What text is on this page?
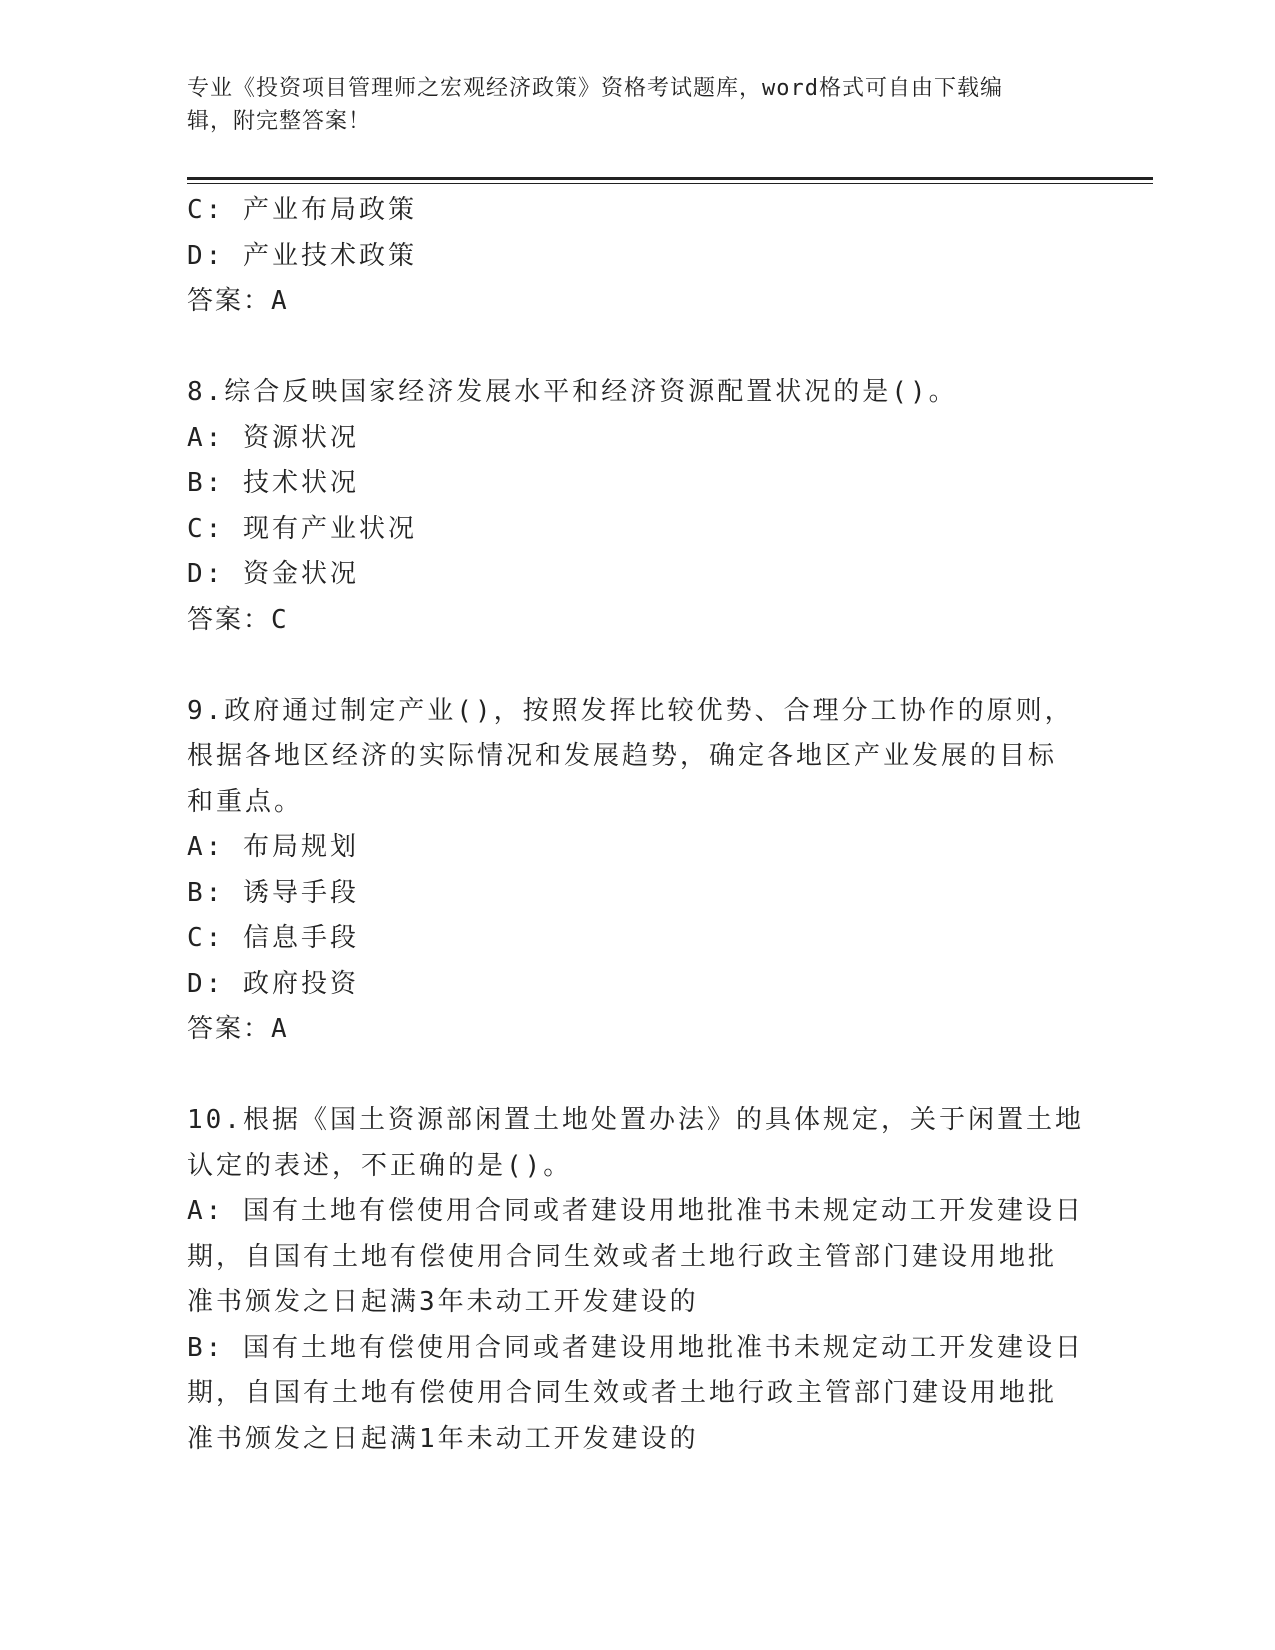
专业《投资项目管理师之宏观经济政策》资格考试题库，word格式可自由下载编
辑，附完整答案！
C: 产业布局政策
D: 产业技术政策
答案：A
8.综合反映国家经济发展水平和经济资源配置状况的是()。
A: 资源状况
B: 技术状况
C: 现有产业状况
D: 资金状况
答案：C
9.政府通过制定产业()，按照发挥比较优势、合理分工协作的原则，
根据各地区经济的实际情况和发展趋势，确定各地区产业发展的目标
和重点。
A: 布局规划
B: 诱导手段
C: 信息手段
D: 政府投资
答案：A
10.根据《国土资源部闲置土地处置办法》的具体规定，关于闲置土地
认定的表述，不正确的是()。
A: 国有土地有偿使用合同或者建设用地批准书未规定动工开发建设日
期，自国有土地有偿使用合同生效或者土地行政主管部门建设用地批
准书颁发之日起满3年未动工开发建设的
B: 国有土地有偿使用合同或者建设用地批准书未规定动工开发建设日
期，自国有土地有偿使用合同生效或者土地行政主管部门建设用地批
准书颁发之日起满1年未动工开发建设的
